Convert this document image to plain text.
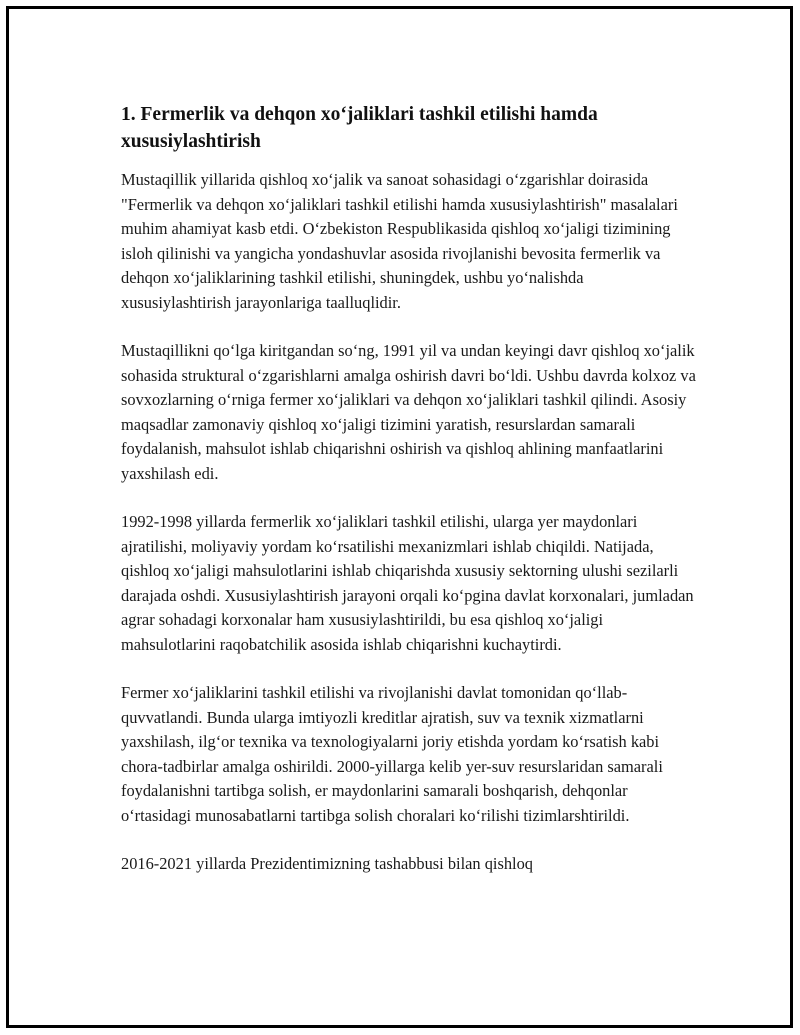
1. Fermerlik va dehqon xo‘jaliklari tashkil etilishi hamda xususiylashtirish

Mustaqillik yillarida qishloq xo‘jalik va sanoat sohasidagi o‘zgarishlar doirasida "Fermerlik va dehqon xo‘jaliklari tashkil etilishi hamda xususiylashtirish" masalalari muhim ahamiyat kasb etdi. O‘zbekiston Respublikasida qishloq xo‘jaligi tizimining isloh qilinishi va yangicha yondashuvlar asosida rivojlanishi bevosita fermerlik va dehqon xo‘jaliklarining tashkil etilishi, shuningdek, ushbu yo‘nalishda xususiylashtirish jarayonlariga taalluqlidir.

Mustaqillikni qo‘lga kiritgandan so‘ng, 1991 yil va undan keyingi davr qishloq xo‘jalik sohasida struktural o‘zgarishlarni amalga oshirish davri bo‘ldi. Ushbu davrda kolxoz va sovxozlarning o‘rniga fermer xo‘jaliklari va dehqon xo‘jaliklari tashkil qilindi. Asosiy maqsadlar zamonaviy qishloq xo‘jaligi tizimini yaratish, resurslardan samarali foydalanish, mahsulot ishlab chiqarishni oshirish va qishloq ahlining manfaatlarini yaxshilash edi.

1992-1998 yillarda fermerlik xo‘jaliklari tashkil etilishi, ularga yer maydonlari ajratilishi, moliyaviy yordam ko‘rsatilishi mexanizmlari ishlab chiqildi. Natijada, qishloq xo‘jaligi mahsulotlarini ishlab chiqarishda xususiy sektorning ulushi sezilarli darajada oshdi. Xususiylashtirish jarayoni orqali ko‘pgina davlat korxonalari, jumladan agrar sohadagi korxonalar ham xususiylashtirildi, bu esa qishloq xo‘jaligi mahsulotlarini raqobatchilik asosida ishlab chiqarishni kuchaytirdi.

Fermer xo‘jaliklarini tashkil etilishi va rivojlanishi davlat tomonidan qo‘llab-quvvatlandi. Bunda ularga imtiyozli kreditlar ajratish, suv va texnik xizmatlarni yaxshilash, ilg‘or texnika va texnologiyalarni joriy etishda yordam ko‘rsatish kabi chora-tadbirlar amalga oshirildi. 2000-yillarga kelib yer-suv resurslaridan samarali foydalanishni tartibga solish, er maydonlarini samarali boshqarish, dehqonlar o‘rtasidagi munosabatlarni tartibga solish choralari ko‘rilishi tizimlarshtirildi.

2016-2021 yillarda Prezidentimizning tashabbusi bilan qishloq
